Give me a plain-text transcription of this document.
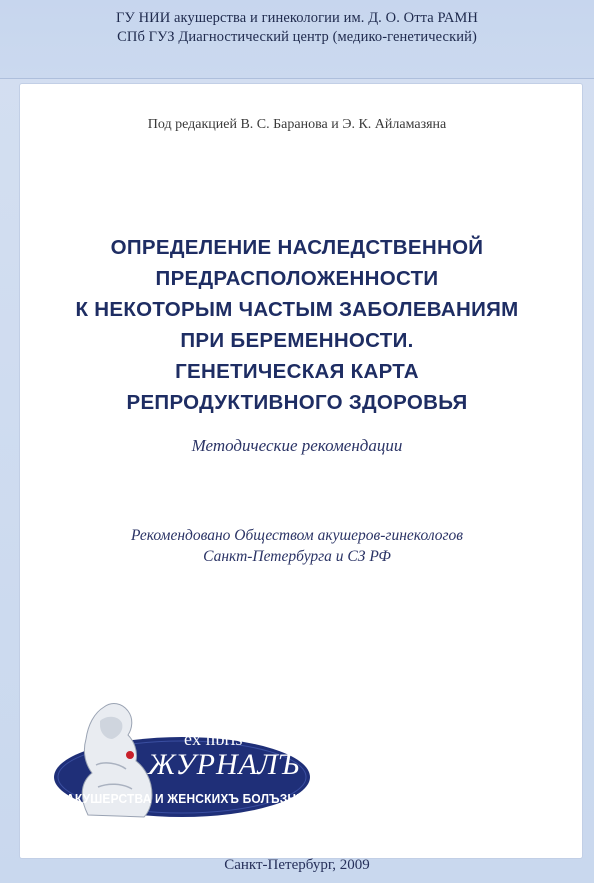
ГУ НИИ акушерства и гинекологии им. Д. О. Отта РАМН
СПб ГУЗ Диагностический центр (медико-генетический)
Под редакцией В. С. Баранова и Э. К. Айламазяна
ОПРЕДЕЛЕНИЕ НАСЛЕДСТВЕННОЙ
ПРЕДРАСПОЛОЖЕННОСТИ
К НЕКОТОРЫМ ЧАСТЫМ ЗАБОЛЕВАНИЯМ
ПРИ БЕРЕМЕННОСТИ.
ГЕНЕТИЧЕСКАЯ КАРТА
РЕПРОДУКТИВНОГО ЗДОРОВЬЯ
Методические рекомендации
Рекомендовано Обществом акушеров-гинекологов
Санкт-Петербурга и СЗ РФ
ex libris
ЖУРНАЛЪ
АКУШЕРСТВА И ЖЕНСКИХЪ БОЛЪЗНЕЙ
Санкт-Петербург, 2009
